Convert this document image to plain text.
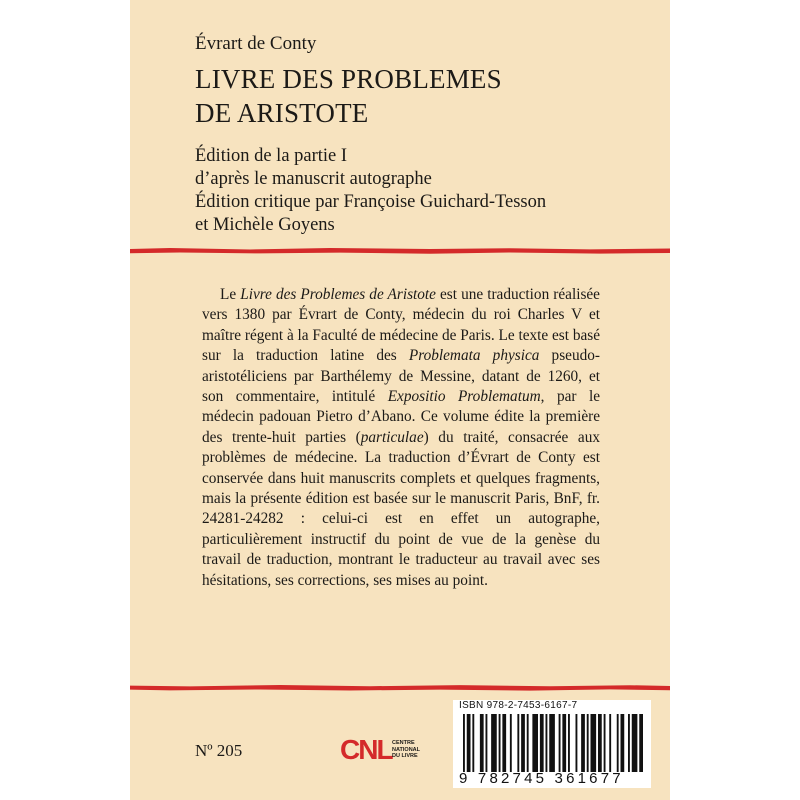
Évrart de Conty
LIVRE DES PROBLEMES
DE ARISTOTE
Édition de la partie I
d’après le manuscrit autographe
Édition critique par Françoise Guichard-Tesson
et Michèle Goyens

Le Livre des Problemes de Aristote est une traduction réalisée vers 1380 par Évrart de Conty, médecin du roi Charles V et maître régent à la Faculté de médecine de Paris. Le texte est basé sur la traduction latine des Problemata physica pseudo-aristotéliciens par Barthélemy de Messine, datant de 1260, et son commentaire, intitulé Expositio Problematum, par le médecin padouan Pietro d’Abano. Ce volume édite la première des trente-huit parties (particulae) du traité, consacrée aux problèmes de médecine. La traduction d’Évrart de Conty est conservée dans huit manuscrits complets et quelques fragments, mais la présente édition est basée sur le manuscrit Paris, BnF, fr. 24281-24282 : celui-ci est en effet un autographe, particulièrement instructif du point de vue de la genèse du travail de traduction, montrant le traducteur au travail avec ses hésitations, ses corrections, ses mises au point.

Nº 205	CNL CENTRE
NATIONAL
DU LIVRE
ISBN 978-2-7453-6167-7
9 782745 361677
